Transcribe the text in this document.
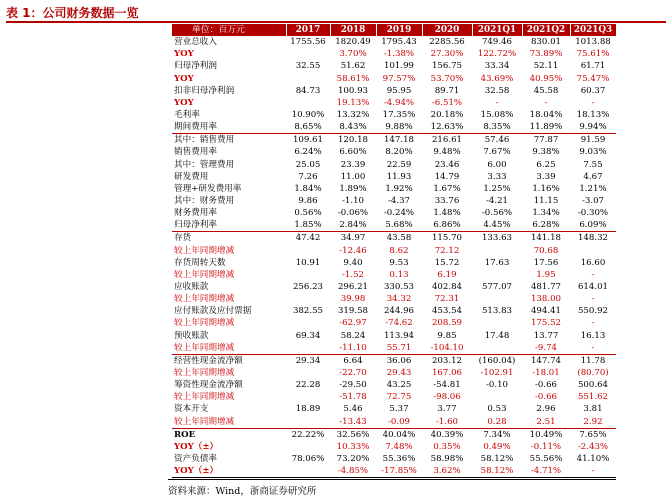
表 1：公司财务数据一览
单位：百万元	2017	2018	2019	2020	2021Q1	2021Q2	2021Q3
营业总收入	1755.56	1820.49	1795.43	2285.56	749.46	830.01	1013.88
YOY		3.70%	-1.38%	27.30%	122.72%	73.89%	75.61%
归母净利润	32.55	51.62	101.99	156.75	33.34	52.11	61.71
YOY		58.61%	97.57%	53.70%	43.69%	40.95%	75.47%
扣非归母净利润	84.73	100.93	95.95	89.71	32.58	45.58	60.37
YOY		19.13%	-4.94%	-6.51%	-	-	-
毛利率	10.90%	13.32%	17.35%	20.18%	15.08%	18.04%	18.13%
期间费用率	8.65%	8.43%	9.88%	12.63%	8.35%	11.89%	9.94%
其中：销售费用	109.61	120.18	147.18	216.61	57.46	77.87	91.59
销售费用率	6.24%	6.60%	8.20%	9.48%	7.67%	9.38%	9.03%
其中：管理费用	25.05	23.39	22.59	23.46	6.00	6.25	7.55
研发费用	7.26	11.00	11.93	14.79	3.33	3.39	4.67
管理+研发费用率	1.84%	1.89%	1.92%	1.67%	1.25%	1.16%	1.21%
其中：财务费用	9.86	-1.10	-4.37	33.76	-4.21	11.15	-3.07
财务费用率	0.56%	-0.06%	-0.24%	1.48%	-0.56%	1.34%	-0.30%
归母净利率	1.85%	2.84%	5.68%	6.86%	4.45%	6.28%	6.09%
存货	47.42	34.97	43.58	115.70	133.63	141.18	148.32
较上年同期增减		-12.46	8.62	72.12		70.68	
存货周转天数	10.91	9.40	9.53	15.72	17.63	17.56	16.60
较上年同期增减		-1.52	0.13	6.19		1.95	-
应收账款	256.23	296.21	330.53	402.84	577.07	481.77	614.01
较上年同期增减		39.98	34.32	72.31		138.00	-
应付账款及应付票据	382.55	319.58	244.96	453.54	513.83	494.41	550.92
较上年同期增减		-62.97	-74.62	208.59		175.52	-
预收账款	69.34	58.24	113.94	9.85	17.48	13.77	16.13
较上年同期增减		-11.10	55.71	-104.10		-9.74	-
经营性现金流净额	29.34	6.64	36.06	203.12	(160.04)	147.74	11.78
较上年同期增减		-22.70	29.43	167.06	-102.91	-18.01	(80.70)
筹资性现金流净额	22.28	-29.50	43.25	-54.81	-0.10	-0.66	500.64
较上年同期增减		-51.78	72.75	-98.06		-0.66	551.62
资本开支	18.89	5.46	5.37	3.77	0.53	2.96	3.81
较上年同期增减		-13.43	-0.09	-1.60	0.28	2.51	2.92
ROE	22.22%	32.56%	40.04%	40.39%	7.34%	10.49%	7.65%
YOY（±）		10.33%	7.48%	0.35%	0.49%	-0.11%	-2.43%
资产负债率	78.06%	73.20%	55.36%	58.98%	58.12%	55.56%	41.10%
YOY（±）		-4.85%	-17.85%	3.62%	58.12%	-4.71%	-
资料来源：Wind，浙商证券研究所
